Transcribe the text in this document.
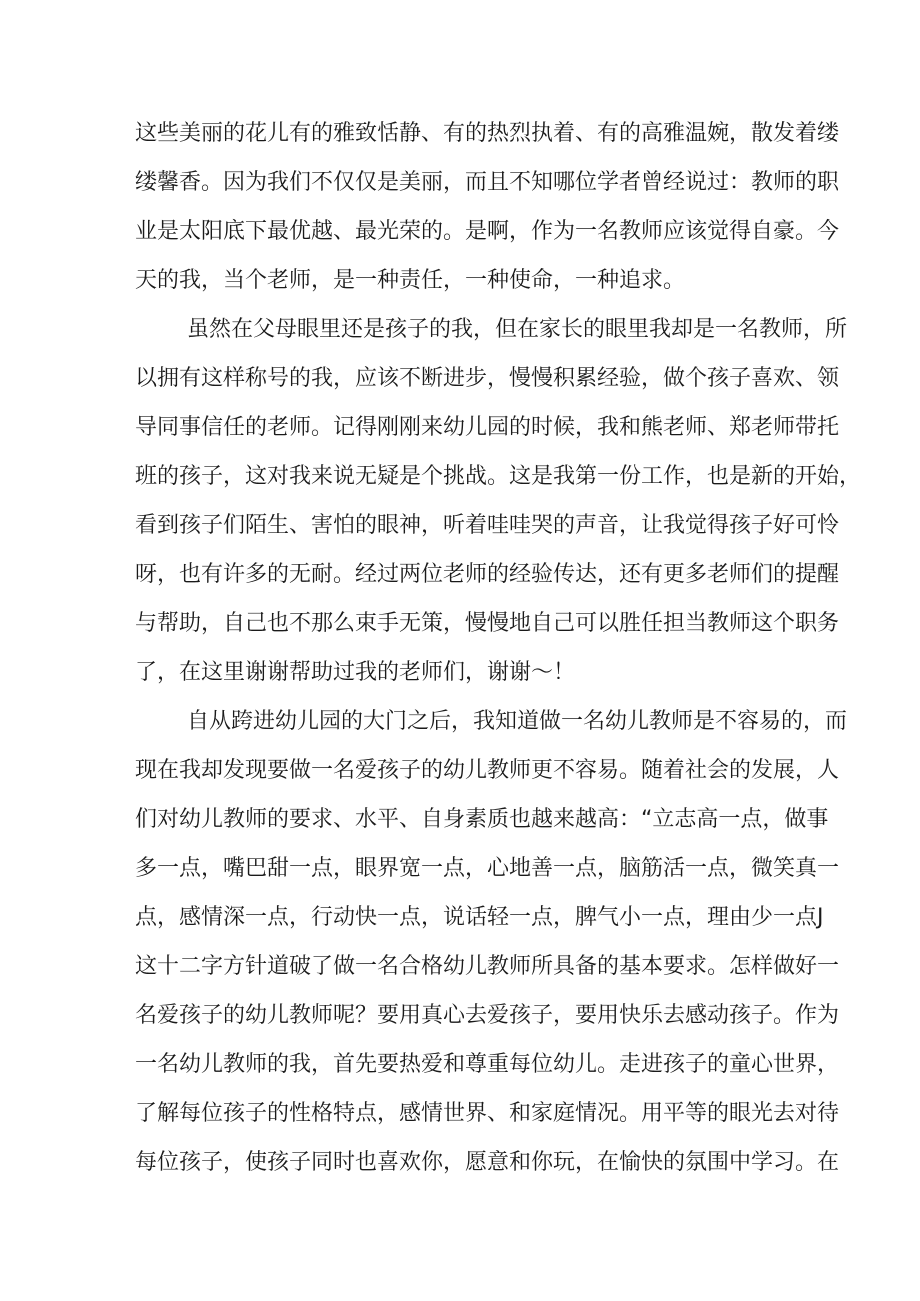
这些美丽的花儿有的雅致恬静、有的热烈执着、有的高雅温婉，散发着缕
缕馨香。因为我们不仅仅是美丽，而且不知哪位学者曾经说过：教师的职
业是太阳底下最优越、最光荣的。是啊，作为一名教师应该觉得自豪。今
天的我，当个老师，是一种责任，一种使命，一种追求。
虽然在父母眼里还是孩子的我，但在家长的眼里我却是一名教师，所
以拥有这样称号的我，应该不断进步，慢慢积累经验，做个孩子喜欢、领
导同事信任的老师。记得刚刚来幼儿园的时候，我和熊老师、郑老师带托
班的孩子，这对我来说无疑是个挑战。这是我第一份工作，也是新的开始，
看到孩子们陌生、害怕的眼神，听着哇哇哭的声音，让我觉得孩子好可怜
呀，也有许多的无耐。经过两位老师的经验传达，还有更多老师们的提醒
与帮助，自己也不那么束手无策，慢慢地自己可以胜任担当教师这个职务
了，在这里谢谢帮助过我的老师们，谢谢～！
自从跨进幼儿园的大门之后，我知道做一名幼儿教师是不容易的，而
现在我却发现要做一名爱孩子的幼儿教师更不容易。随着社会的发展，人
们对幼儿教师的要求、水平、自身素质也越来越高：“立志高一点，做事
多一点，嘴巴甜一点，眼界宽一点，心地善一点，脑筋活一点，微笑真一
点，感情深一点，行动快一点，说话轻一点，脾气小一点，理由少一点J
这十二字方针道破了做一名合格幼儿教师所具备的基本要求。怎样做好一
名爱孩子的幼儿教师呢？要用真心去爱孩子，要用快乐去感动孩子。作为
一名幼儿教师的我，首先要热爱和尊重每位幼儿。走进孩子的童心世界，
了解每位孩子的性格特点，感情世界、和家庭情况。用平等的眼光去对待
每位孩子，使孩子同时也喜欢你，愿意和你玩，在愉快的氛围中学习。在
